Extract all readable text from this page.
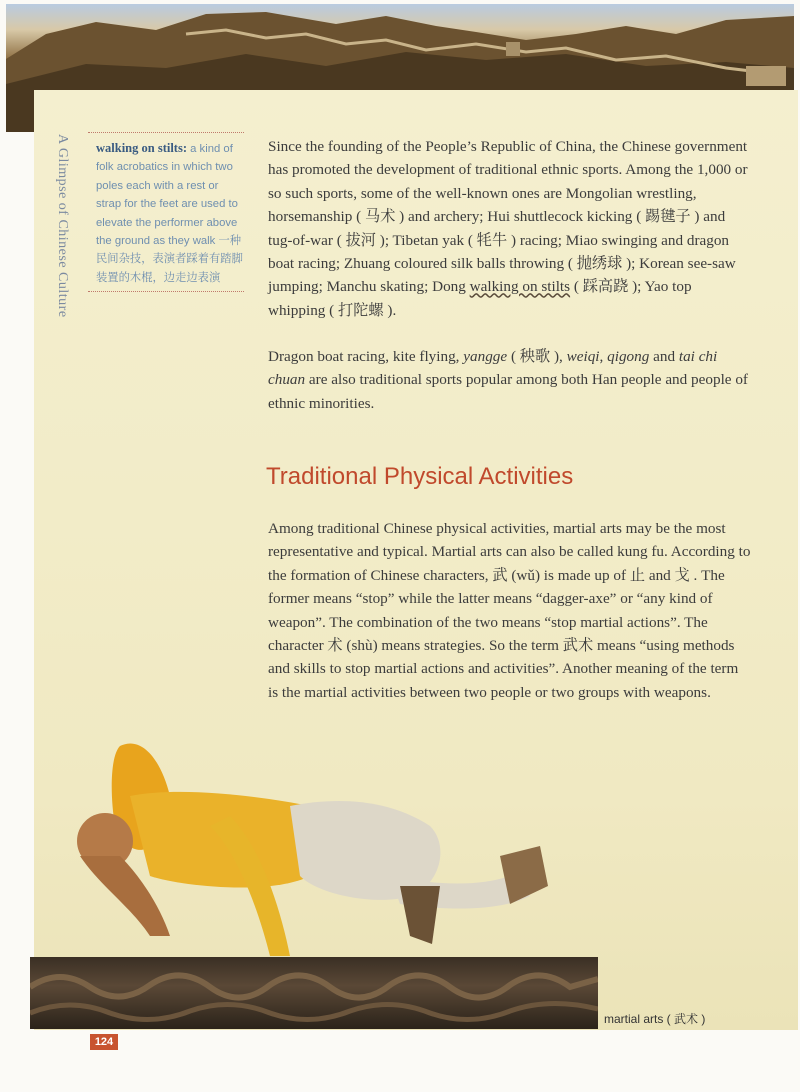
walking on stilts: a kind of folk acrobatics in which two poles each with a rest or strap for the feet are used to elevate the performer above the ground as they walk 一种民间杂技，表演者踩着有踏脚装置的木棍，边走边表演

Since the founding of the People’s Republic of China, the Chinese government has promoted the development of traditional ethnic sports. Among the 1,000 or so such sports, some of the well-known ones are Mongolian wrestling, horsemanship ( 马术 ) and archery; Hui shuttlecock kicking ( 踢毽子 ) and tug-of-war ( 拔河 ); Tibetan yak ( 牦牛 ) racing; Miao swinging and dragon boat racing; Zhuang coloured silk balls throwing ( 抛绣球 ); Korean see-saw jumping; Manchu skating; Dong walking on stilts ( 踩高跷 ); Yao top whipping ( 打陀螺 ).

Dragon boat racing, kite flying, yangge ( 秧歌 ), weiqi, qigong and tai chi chuan are also traditional sports popular among both Han people and people of ethnic minorities.

Traditional Physical Activities

Among traditional Chinese physical activities, martial arts may be the most representative and typical. Martial arts can also be called kung fu. According to the formation of Chinese characters, 武 (wǔ) is made up of 止 and 戈 . The former means “stop” while the latter means “dagger-axe” or “any kind of weapon”. The combination of the two means “stop martial actions”. The character 术 (shù) means strategies. So the term 武术 means “using methods and skills to stop martial actions and activities”. Another meaning of the term is the martial activities between two people or two groups with weapons.

martial arts ( 武术 )
124
